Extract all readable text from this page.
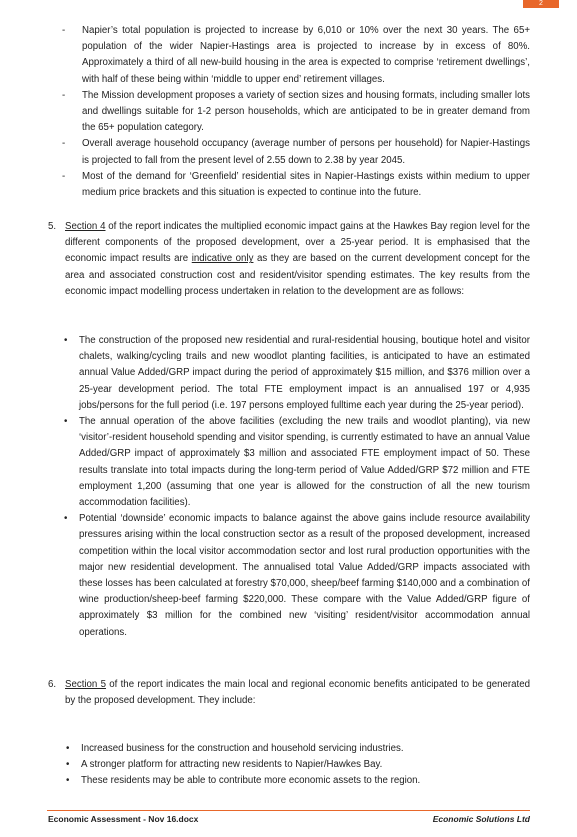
2
- Napier’s total population is projected to increase by 6,010 or 10% over the next 30 years. The 65+ population of the wider Napier-Hastings area is projected to increase by in excess of 80%. Approximately a third of all new-build housing in the area is expected to comprise ‘retirement dwellings’, with half of these being within ‘middle to upper end’ retirement villages.
- The Mission development proposes a variety of section sizes and housing formats, including smaller lots and dwellings suitable for 1-2 person households, which are anticipated to be in greater demand from the 65+ population category.
- Overall average household occupancy (average number of persons per household) for Napier-Hastings is projected to fall from the present level of 2.55 down to 2.38 by year 2045.
- Most of the demand for ‘Greenfield’ residential sites in Napier-Hastings exists within medium to upper medium price brackets and this situation is expected to continue into the future.
5. Section 4 of the report indicates the multiplied economic impact gains at the Hawkes Bay region level for the different components of the proposed development, over a 25-year period. It is emphasised that the economic impact results are indicative only as they are based on the current development concept for the area and associated construction cost and resident/visitor spending estimates. The key results from the economic impact modelling process undertaken in relation to the development are as follows:
• The construction of the proposed new residential and rural-residential housing, boutique hotel and visitor chalets, walking/cycling trails and new woodlot planting facilities, is anticipated to have an estimated annual Value Added/GRP impact during the period of approximately $15 million, and $376 million over a 25-year development period. The total FTE employment impact is an annualised 197 or 4,935 jobs/persons for the full period (i.e. 197 persons employed fulltime each year during the 25-year period).
• The annual operation of the above facilities (excluding the new trails and woodlot planting), via new ‘visitor’-resident household spending and visitor spending, is currently estimated to have an annual Value Added/GRP impact of approximately $3 million and associated FTE employment impact of 50. These results translate into total impacts during the long-term period of Value Added/GRP $72 million and FTE employment 1,200 (assuming that one year is allowed for the construction of all the new tourism accommodation facilities).
• Potential ‘downside’ economic impacts to balance against the above gains include resource availability pressures arising within the local construction sector as a result of the proposed development, increased competition within the local visitor accommodation sector and lost rural production opportunities with the major new residential development. The annualised total Value Added/GRP impacts associated with these losses has been calculated at forestry $70,000, sheep/beef farming $140,000 and a combination of wine production/sheep-beef farming $220,000. These compare with the Value Added/GRP figure of approximately $3 million for the combined new ‘visiting’ resident/visitor accommodation annual operations.
6. Section 5 of the report indicates the main local and regional economic benefits anticipated to be generated by the proposed development. They include:
• Increased business for the construction and household servicing industries.
• A stronger platform for attracting new residents to Napier/Hawkes Bay.
• These residents may be able to contribute more economic assets to the region.
Economic Assessment - Nov 16.docx	Economic Solutions Ltd
